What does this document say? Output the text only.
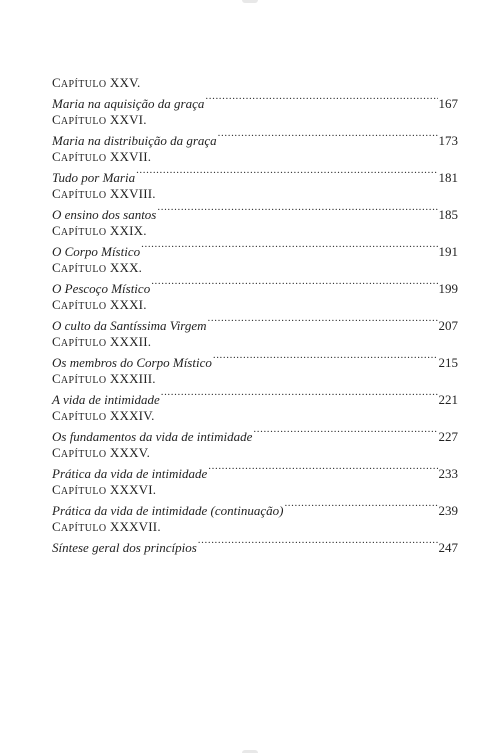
CAPÍTULO XXV.
Maria na aquisição da graça .....	167
CAPÍTULO XXVI.
Maria na distribuição da graça .....	173
CAPÍTULO XXVII.
Tudo por Maria .....	181
CAPÍTULO XXVIII.
O ensino dos santos .....	185
CAPÍTULO XXIX.
O Corpo Místico .....	191
CAPÍTULO XXX.
O Pescoço Místico .....	199
CAPÍTULO XXXI.
O culto da Santíssima Virgem .....	207
CAPÍTULO XXXII.
Os membros do Corpo Místico .....	215
CAPÍTULO XXXIII.
A vida de intimidade .....	221
CAPÍTULO XXXIV.
Os fundamentos da vida de intimidade .....	227
CAPÍTULO XXXV.
Prática da vida de intimidade .....	233
CAPÍTULO XXXVI.
Prática da vida de intimidade (continuação) .....	239
CAPÍTULO XXXVII.
Síntese geral dos princípios .....	247
